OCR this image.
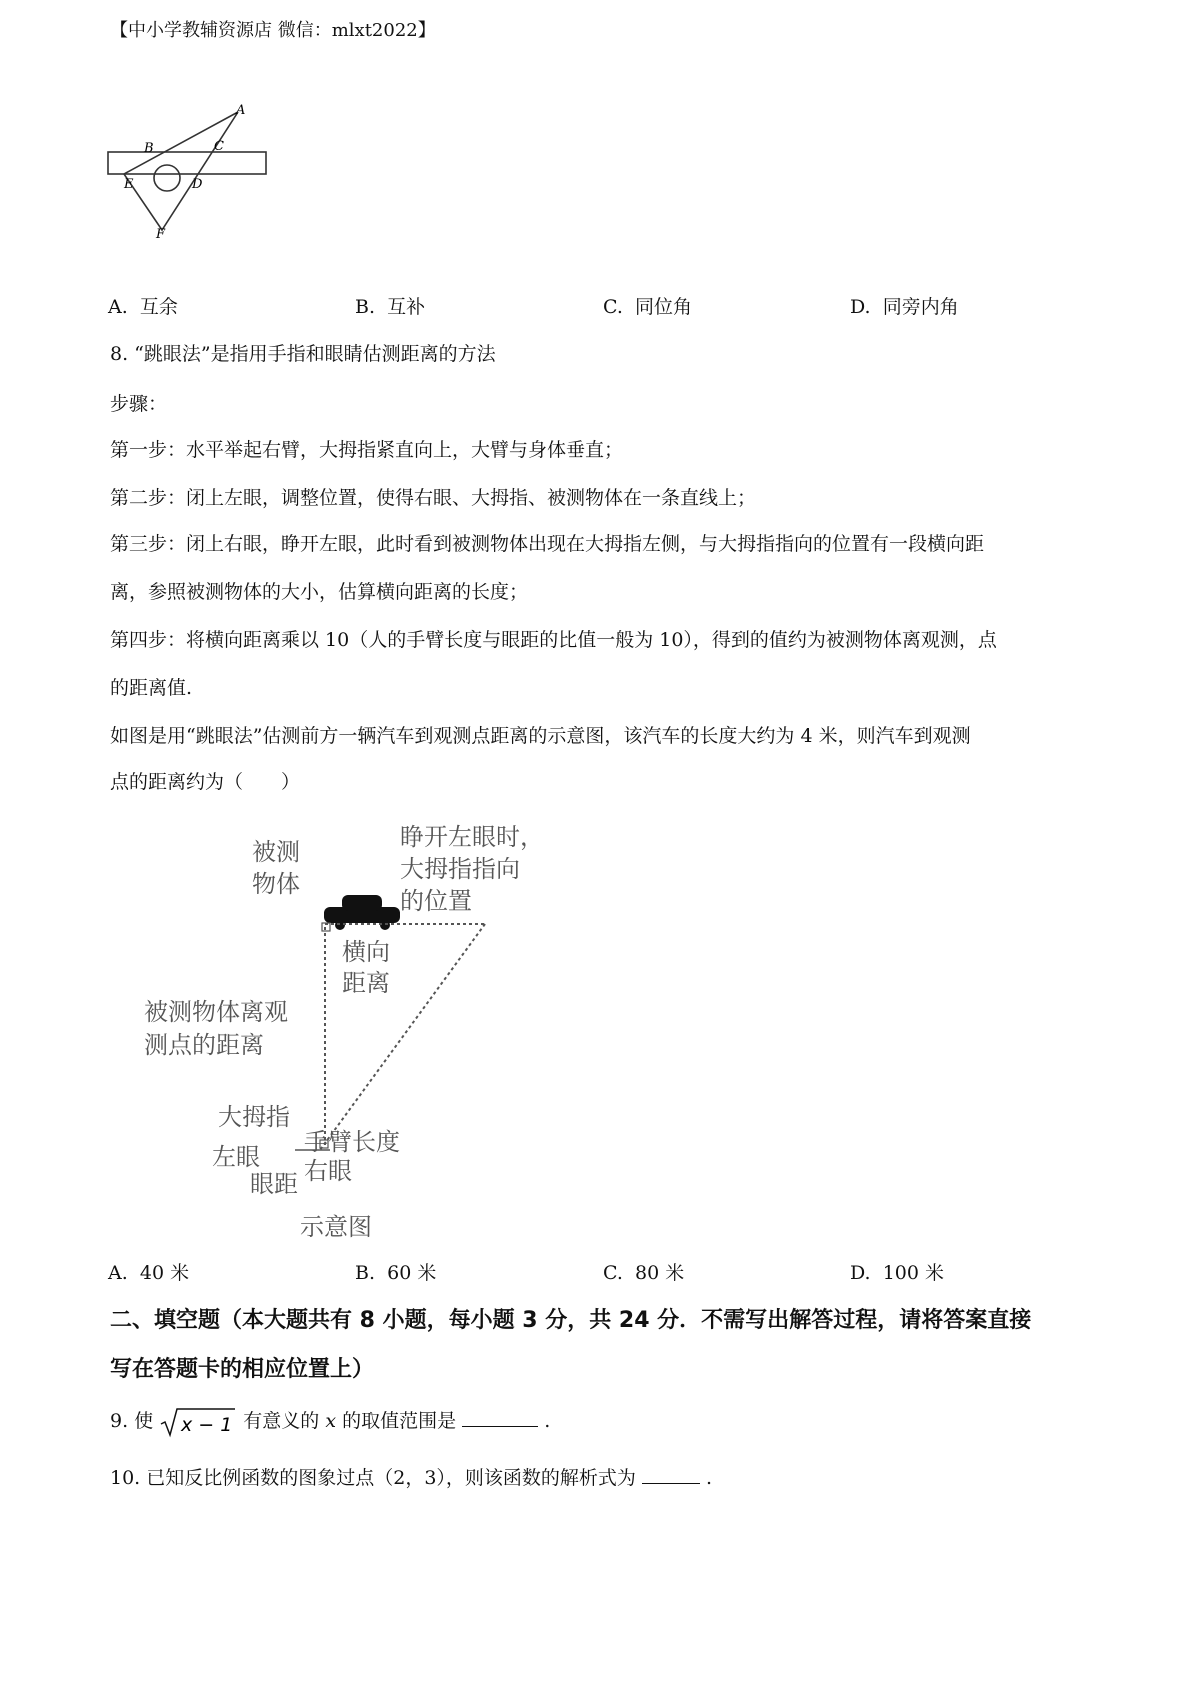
【中小学教辅资源店 微信：mlxt2022】
A
B	C
D
E
F
A. 互余	B. 互补	C. 同位角	D. 同旁内角
8. “跳眼法”是指用手指和眼睛估测距离的方法
步骤：
第一步：水平举起右臂，大拇指紧直向上，大臂与身体垂直；
第二步：闭上左眼，调整位置，使得右眼、大拇指、被测物体在一条直线上；
第三步：闭上右眼，睁开左眼，此时看到被测物体出现在大拇指左侧，与大拇指指向的位置有一段横向距
离，参照被测物体的大小，估算横向距离的长度；
第四步：将横向距离乘以 10（人的手臂长度与眼距的比值一般为 10），得到的值约为被测物体离观测，点
的距离值.
如图是用“跳眼法”估测前方一辆汽车到观测点距离的示意图，该汽车的长度大约为 4 米，则汽车到观测
点的距离约为（　　）
被测 物体
睁开左眼时， 大拇指指向 的位置
横向 距离
被测物体离观 测点的距离
大拇指
手臂长度
左眼 右眼
眼距
示意图
A. 40 米	B. 60 米	C. 80 米	D. 100 米
二、填空题（本大题共有 8 小题，每小题 3 分，共 24 分．不需写出解答过程，请将答案直接
写在答题卡的相应位置上）
9. 使 x − 1 有意义的 x 的取值范围是	.
10. 已知反比例函数的图象过点（2，3），则该函数的解析式为	.
